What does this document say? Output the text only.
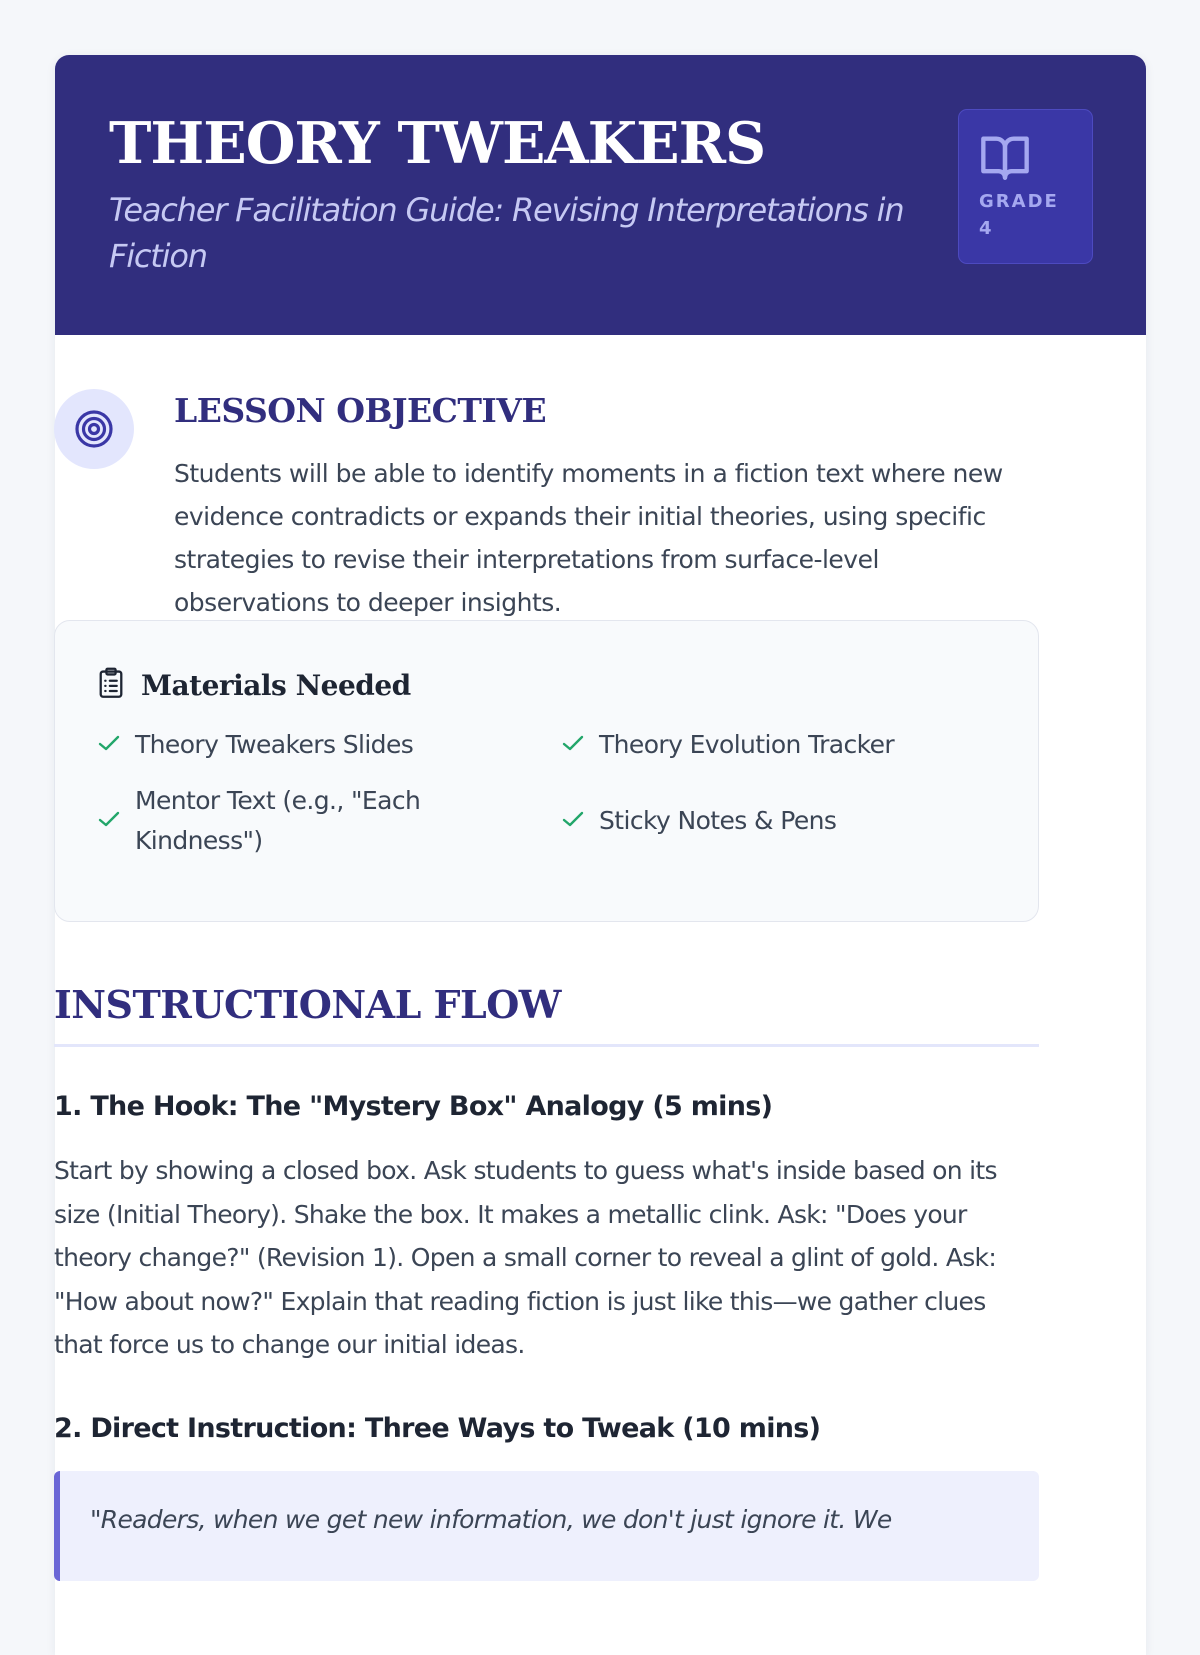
THEORY TWEAKERS
Teacher Facilitation Guide: Revising Interpretations in Fiction
GRADE 4
LESSON OBJECTIVE

Students will be able to identify moments in a fiction text where new evidence contradicts or expands their initial theories, using specific strategies to revise their interpretations from surface-level observations to deeper insights.

Materials Needed
Theory Tweakers Slides	Theory Evolution Tracker
Mentor Text (e.g., "Each Kindness")
Sticky Notes & Pens
INSTRUCTIONAL FLOW
1. The Hook: The "Mystery Box" Analogy (5 mins)

Start by showing a closed box. Ask students to guess what's inside based on its size (Initial Theory). Shake the box. It makes a metallic clink. Ask: "Does your theory change?" (Revision 1). Open a small corner to reveal a glint of gold. Ask: "How about now?" Explain that reading fiction is just like this—we gather clues that force us to change our initial ideas.

2. Direct Instruction: Three Ways to Tweak (10 mins)
"Readers, when we get new information, we don't just ignore it. We
